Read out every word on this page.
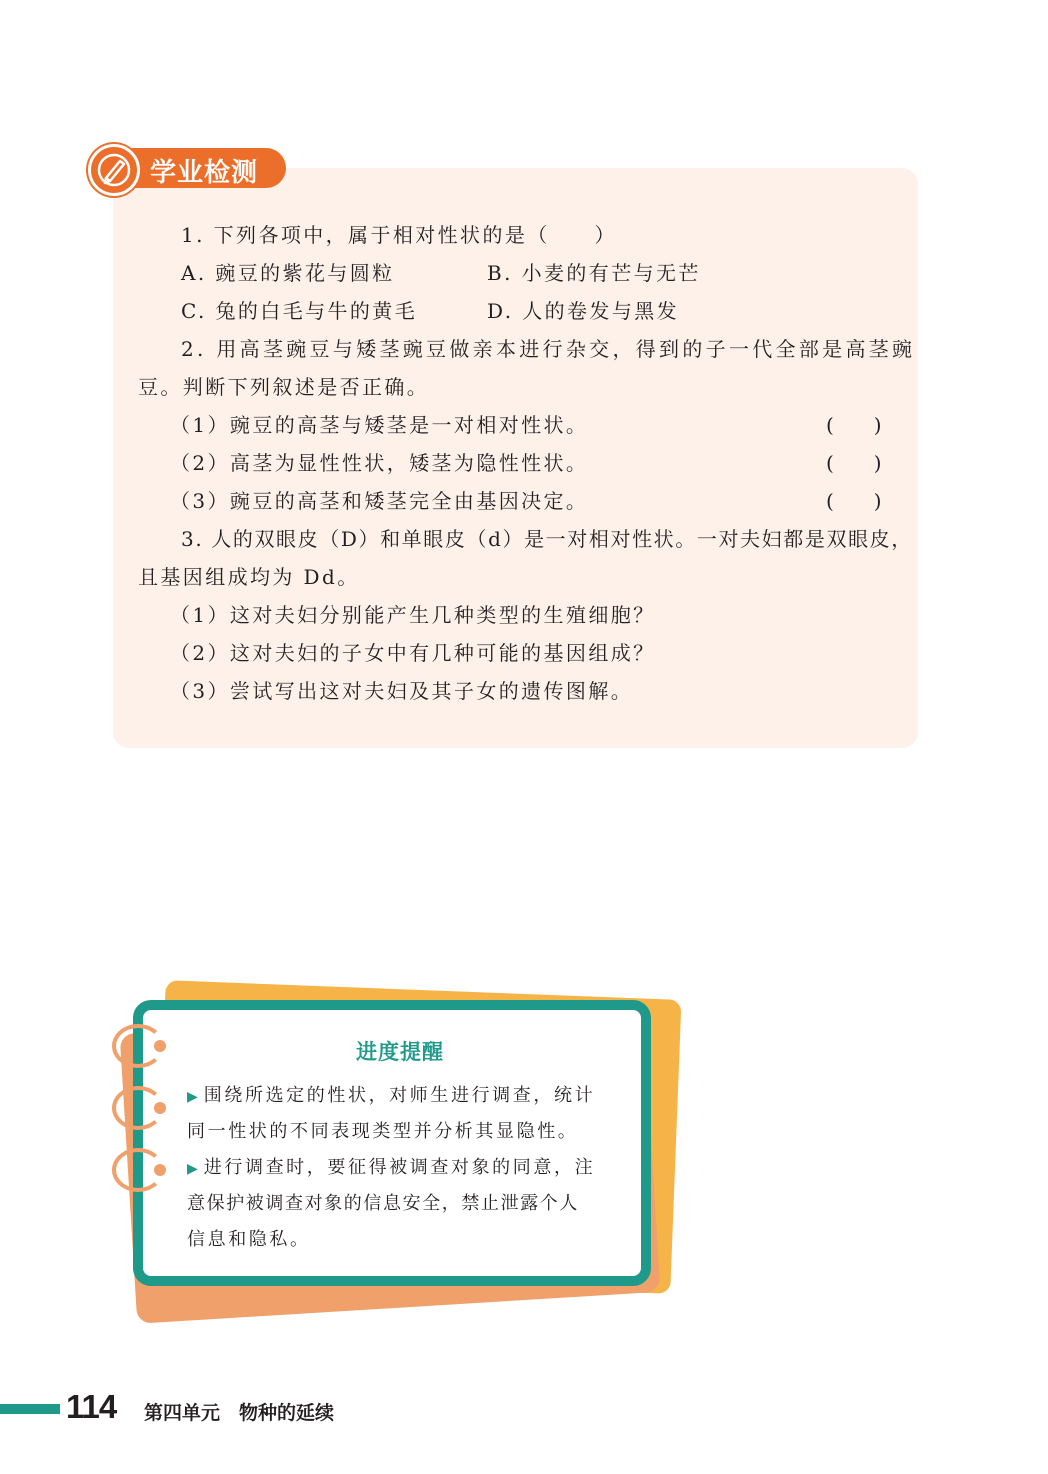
学业检测
1. 下列各项中，属于相对性状的是（　　）
A. 豌豆的紫花与圆粒	B. 小麦的有芒与无芒
C. 兔的白毛与牛的黄毛	D. 人的卷发与黑发
2. 用高茎豌豆与矮茎豌豆做亲本进行杂交，得到的子一代全部是高茎豌
豆。判断下列叙述是否正确。
（1）豌豆的高茎与矮茎是一对相对性状。	(　　)
（2）高茎为显性性状，矮茎为隐性性状。	(　　)
（3）豌豆的高茎和矮茎完全由基因决定。	(　　)
3. 人的双眼皮（D）和单眼皮（d）是一对相对性状。一对夫妇都是双眼皮，
且基因组成均为 Dd。
（1）这对夫妇分别能产生几种类型的生殖细胞？
（2）这对夫妇的子女中有几种可能的基因组成？
（3）尝试写出这对夫妇及其子女的遗传图解。
进度提醒
▶ 围绕所选定的性状，对师生进行调查，统计
同一性状的不同表现类型并分析其显隐性。
▶ 进行调查时，要征得被调查对象的同意，注
意保护被调查对象的信息安全，禁止泄露个人
信息和隐私。
114 第四单元　物种的延续
